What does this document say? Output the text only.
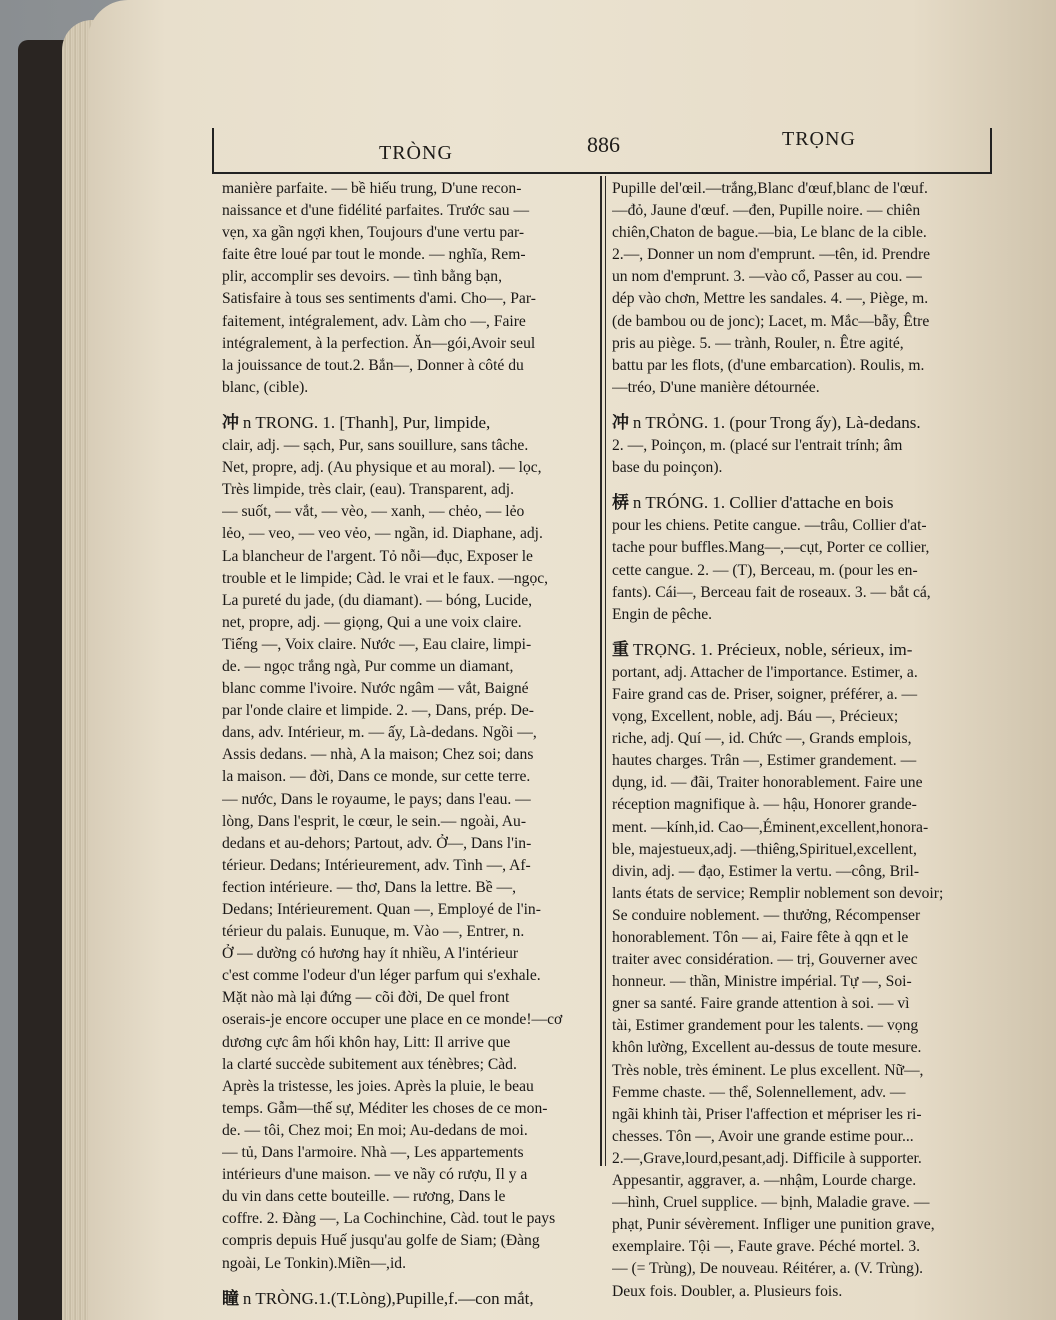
TRÒNG	886	TRỌNG
manière parfaite. — bề hiếu trung, D'une recon-
naissance et d'une fidélité parfaites. Trước sau —
vẹn, xa gần ngợi khen, Toujours d'une vertu par-
faite être loué par tout le monde. — nghĩa, Rem-
plir, accomplir ses devoirs. — tình bằng bạn,
Satisfaire à tous ses sentiments d'ami. Cho—, Par-
faitement, intégralement, adv. Làm cho —, Faire
intégralement, à la perfection. Ăn—gói,Avoir seul
la jouissance de tout.2. Bắn—, Donner à côté du
blanc, (cible).
冲 n TRONG. 1. [Thanh], Pur, limpide,
clair, adj. — sạch, Pur, sans souillure, sans tâche.
Net, propre, adj. (Au physique et au moral). — lọc,
Très limpide, très clair, (eau). Transparent, adj.
— suốt, — vắt, — vèo, — xanh, — chẻo, — lẻo
lẻo, — veo, — veo vẻo, — ngần, id. Diaphane, adj.
La blancheur de l'argent. Tỏ nỗi—đục, Exposer le
trouble et le limpide; Càd. le vrai et le faux. —ngọc,
La pureté du jade, (du diamant). — bóng, Lucide,
net, propre, adj. — giọng, Qui a une voix claire.
Tiếng —, Voix claire. Nước —, Eau claire, limpi-
de. — ngọc trắng ngà, Pur comme un diamant,
blanc comme l'ivoire. Nước ngâm — vắt, Baigné
par l'onde claire et limpide. 2. —, Dans, prép. De-
dans, adv. Intérieur, m. — ấy, Là-dedans. Ngồi —,
Assis dedans. — nhà, A la maison; Chez soi; dans
la maison. — đời, Dans ce monde, sur cette terre.
— nước, Dans le royaume, le pays; dans l'eau. —
lòng, Dans l'esprit, le cœur, le sein.— ngoài, Au-
dedans et au-dehors; Partout, adv. Ở—, Dans l'in-
térieur. Dedans; Intérieurement, adv. Tình —, Af-
fection intérieure. — thơ, Dans la lettre. Bề —,
Dedans; Intérieurement. Quan —, Employé de l'in-
térieur du palais. Eunuque, m. Vào —, Entrer, n.
Ở — dường có hương hay ít nhiều, A l'intérieur
c'est comme l'odeur d'un léger parfum qui s'exhale.
Mặt nào mà lại đứng — cõi đời, De quel front
oserais-je encore occuper une place en ce monde!—cơ
dương cực âm hối khôn hay, Litt: Il arrive que
la clarté succède subitement aux ténèbres; Càd.
Après la tristesse, les joies. Après la pluie, le beau
temps. Gẫm—thế sự, Méditer les choses de ce mon-
de. — tôi, Chez moi; En moi; Au-dedans de moi.
— tủ, Dans l'armoire. Nhà —, Les appartements
intérieurs d'une maison. — ve nầy có rượu, Il y a
du vin dans cette bouteille. — rương, Dans le
coffre. 2. Đàng —, La Cochinchine, Càd. tout le pays
compris depuis Huế jusqu'au golfe de Siam; (Đàng
ngoài, Le Tonkin).Miền—,id.
瞳 n TRÒNG.1.(T.Lòng),Pupille,f.—con mắt,
Pupille del'œil.—trắng,Blanc d'œuf,blanc de l'œuf.
—đỏ, Jaune d'œuf. —đen, Pupille noire. — chiên
chiên,Chaton de bague.—bia, Le blanc de la cible.
2.—, Donner un nom d'emprunt. —tên, id. Prendre
un nom d'emprunt. 3. —vào cổ, Passer au cou. —
dép vào chơn, Mettre les sandales. 4. —, Piège, m.
(de bambou ou de jonc); Lacet, m. Mắc—bẫy, Être
pris au piège. 5. — trành, Rouler, n. Être agité,
battu par les flots, (d'une embarcation). Roulis, m.
—tréo, D'une manière détournée.
冲 n TRỎNG. 1. (pour Trong ấy), Là-dedans.
2. —, Poinçon, m. (placé sur l'entrait trính; âm
base du poinçon).
梇 n TRÓNG. 1. Collier d'attache en bois
pour les chiens. Petite cangue. —trâu, Collier d'at-
tache pour buffles.Mang—,—cụt, Porter ce collier,
cette cangue. 2. — (T), Berceau, m. (pour les en-
fants). Cái—, Berceau fait de roseaux. 3. — bắt cá,
Engin de pêche.
重 TRỌNG. 1. Précieux, noble, sérieux, im-
portant, adj. Attacher de l'importance. Estimer, a.
Faire grand cas de. Priser, soigner, préférer, a. —
vọng, Excellent, noble, adj. Báu —, Précieux;
riche, adj. Quí —, id. Chức —, Grands emplois,
hautes charges. Trân —, Estimer grandement. —
dụng, id. — đãi, Traiter honorablement. Faire une
réception magnifique à. — hậu, Honorer grande-
ment. —kính,id. Cao—,Éminent,excellent,honora-
ble, majestueux,adj. —thiêng,Spirituel,excellent,
divin, adj. — đạo, Estimer la vertu. —công, Bril-
lants états de service; Remplir noblement son devoir;
Se conduire noblement. — thưởng, Récompenser
honorablement. Tôn — ai, Faire fête à qqn et le
traiter avec considération. — trị, Gouverner avec
honneur. — thần, Ministre impérial. Tự —, Soi-
gner sa santé. Faire grande attention à soi. — vì
tài, Estimer grandement pour les talents. — vọng
khôn lường, Excellent au-dessus de toute mesure.
Très noble, très éminent. Le plus excellent. Nữ—,
Femme chaste. — thể, Solennellement, adv. —
ngãi khinh tài, Priser l'affection et mépriser les ri-
chesses. Tôn —, Avoir une grande estime pour...
2.—,Grave,lourd,pesant,adj. Difficile à supporter.
Appesantir, aggraver, a. —nhậm, Lourde charge.
—hình, Cruel supplice. — bịnh, Maladie grave. —
phạt, Punir sévèrement. Infliger une punition grave,
exemplaire. Tội —, Faute grave. Péché mortel. 3.
— (= Trùng), De nouveau. Réitérer, a. (V. Trùng).
Deux fois. Doubler, a. Plusieurs fois.
